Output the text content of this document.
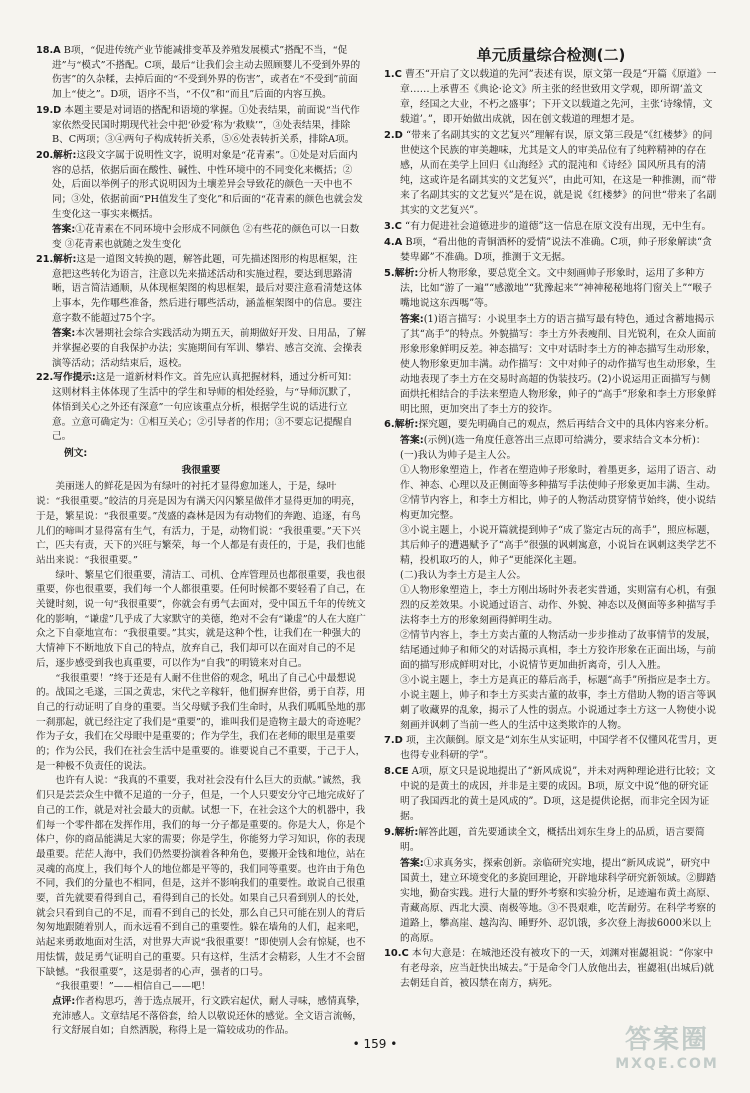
18.A B项，“促进传统产业节能减排变革及养殖发展模式”搭配不当，“促进”与“模式”不搭配。C项，最后“让我们会主动去照顾婴儿不受到外界的伤害”的久杂糅，去掉后面的“不受到外界的伤害”，或者在“不受到”前面加上“使之”。D项，语序不当，“不仅”和“而且”后面的内容互换。

19.D 本题主要是对词语的搭配和语境的掌握。①处表结果，前面说“当代作家依然受民国时期现代社会中把‘砂爱’称为‘救赎’”，③处表结果，排除B、C两项；③④两句子构成转折关系，⑤⑥处表转折关系，排除A项。

20.解析:这段文字属于说明性文字，说明对象是“花青素”。①处是对后面内容的总括，依据后面在酸性、碱性、中性环境中的不同变化来概括；②处，后面以举例子的形式说明因为土壤差异会导致花的颜色一天中也不同；③处，依据前面“PH值发生了变化”和后面的“花青素的颜色也就会发生变化这一事实来概括。

答案:①花青素在不同环境中会形成不同颜色 ②有些花的颜色可以一日数变 ③花青素也就随之发生变化

21.解析:这是一道图文转换的题，解答此题，可先描述图形的构思框架，注意把这些转化为语言，注意以先来描述活动和实施过程，要达到思路清晰，语言简洁通顺，从体现框架图的构思框架，最后对要注意看清楚这体上事本，先作哪些准备，然后进行哪些活动，涵盖框架图中的信息。要注意字数不能超过75个字。

答案:本次暑期社会综合实践活动为期五天，前期做好开发、日用品，了解并掌握必要的自我保护办法；实施期间有军训、攀岩、感言交流、会操表演等活动；活动结束后，返校。

22.写作提示:这是一道新材料作文。首先应认真把握材料，通过分析可知：这则材料主体体现了生活中的学生和导师的相处经验，与“导师沉默了，体悟到关心之外还有深意”一句应该重点分析，根据学生说的话进行立意。立意可确定为：①相互关心；②引导者的作用；③不要忘记提醒自己。

例文:

我很重要

美丽迷人的鲜花是因为有绿叶的衬托才显得愈加迷人，于是，绿叶说：“我很重要。”皎洁的月亮是因为有满天闪闪繁星做伴才显得更加的明亮，于是，繁星说：“我很重要。”茂盛的森林是因为有动物们的奔跑、追逐，有鸟儿们的啼叫才显得富有生气，有活力，于是，动物们说：“我很重要。”天下兴亡，匹夫有责，天下的兴旺与繁荣，每一个人都是有责任的，于是，我们也能站出来说：“我很重要。”

绿叶、繁星它们很重要，清洁工、司机、仓库管理员也都很重要，我也很重要，你也很重要，我们每一个人都很重要。任何时候都不要轻看了自己，在关键时刻，说一句“我很重要”，你就会有勇气去面对，受中国五千年的传统文化的影响，“谦虚”几乎成了大家默守的美德，绝对不会有“谦虚”的人在大庭广众之下自豪地宣布：“我很重要。”其实，就是这种个性，让我们在一种强大的大情神下不断地放下自己的特点，放弃自己，我们却可以在面对自己的不足后，逐步感受到我也真重要，可以作为“自我”的明镜来对自己。

“我很重要！”终于还是有人耐不住世俗的观念，吼出了自己心中最想说的。战国之毛遂，三国之黄忠，宋代之辛稼轩，他们摒弃世俗，勇于自荐，用自己的行动证明了自身的重要。当父母赋予我们生命时，从我们呱呱坠地的那一刹那起，就已经注定了我们是“重要”的，谁叫我们是造物主最大的奇迹呢？作为子女，我们在父母眼中是重要的；作为学生，我们在老师的眼里是重要的；作为公民，我们在社会生活中是重要的。谁要说自己不重要，于己于人，是一种极不负责任的说法。

也许有人说：“我真的不重要，我对社会没有什么巨大的贡献。”诚然，我们只是芸芸众生中微不足道的一分子，但是，一个人只要安分守己地完成好了自己的工作，就是对社会最大的贡献。试想一下，在社会这个大的机器中，我们每一个零件都在发挥作用，我们的每一分子都是重要的。你是大人，你是个体户，你的商品能满足大家的需要；你是学生，你能努力学习知识，你的表现最重要。茫茫人海中，我们仍然要扮演着各种角色，要搬开金钱和地位，站在灵魂的高度上，我们每个人的地位都是平等的，我们同等重要。也许由于角色不同，我们的分量也不相同，但是，这并不影响我们的重要性。敢说自己很重要，首先就要看得到自己，看得到自己的长处。如果自己只看到别人的长处，就会只看到自己的不足，而看不到自己的长处，那么自己只可能在别人的背后匆匆地跟随着别人，而永远看不到自己的重要性。躲在墙角的人们，起来吧，站起来勇敢地面对生活，对世界大声说“我很重要！”即使别人会有惊疑，也不用怯懦，鼓足勇气证明自己的重要。只有这样，生活才会精彩，人生才不会留下缺憾。“我很重要”，这是弱者的心声，强者的口号。

“我很重要！”——相信自己——吧！

点评:作者构思巧，善于选点展开，行文跌宕起伏，耐人寻味，感情真挚，充沛感人。文章结尾不落俗套，给人以敬说还休的感觉。全文语言流畅，行文舒展自如；自然洒脱，称得上是一篇较成功的作品。

单元质量综合检测(二)

1.C 曹丕“开启了文以载道的先河”表述有误，原文第一段是“开篇《原道》一章……上承曹丕《典论·论文》所主张的经世致用文学观，即所谓‘盖文章，经国之大业，不朽之盛事’；下开文以载道之先河，主张‘诗缘情，文载道’。”，即开始做出成就，因在创文载道的理想才是。

2.D “带来了名副其实的文艺复兴”理解有误，原文第三段是“《红楼梦》的问世使这个民族的审美趣味，尤其是文人的审美品位有了纯粹精神的存在感，从而在美学上回归《山海经》式的混沌和《诗经》国风所具有的清纯，这或许是名副其实的文艺复兴”，由此可知，在这是一种推测，而“带来了名副其实的文艺复兴”是在说，就是说《红楼梦》的问世“带来了名副其实的文艺复兴”。

3.C “有力促进社会道德进步的道德”这一信息在原文没有出现，无中生有。

4.A B项，“看出他的青铜酒杯的爱情”说法不准确。C项，帅子形象解读“贪婪卑鄙”不准确。D项，推测于文无据。

5.解析:分析人物形象，要总览全文。文中刻画帅子形象时，运用了多种方法，比如“游了一遍”“感激地”“犹豫起来”“神神秘秘地将门窗关上”“喉子嘴地说这东西嗎”等。

答案:(1)语言描写：小说里李土方的语言描写最有特色，通过含蓄地揭示了其“高手”的特点。外貌描写：李土方外表瘦削、目光锐利，在众人面前形象形象鲜明反差。神态描写：文中对话时李土方的神态描写生动形象，使人物形象更加丰满。动作描写：文中对帅子的动作描写也生动形象，生动地表现了李土方在交易时高超的伪装技巧。(2)小说运用正面描写与侧面烘托相结合的手法来塑造人物形象，帅子的“高手”形象和李土方形象鲜明比照，更加突出了李土方的狡诈。

6.解析:探究题，要先明确自己的观点，然后再结合文中的具体内容来分析。

答案:(示例)(选一角度任意答出三点即可给满分，要求结合文本分析)：

(一)我认为帅子是主人公。

①人物形象塑造上，作者在塑造帅子形象时，着墨更多，运用了语言、动作、神态、心理以及正侧面等多种描写手法使帅子形象更加丰满、生动。

②情节内容上，和李土方相比，帅子的人物活动贯穿情节始终，使小说结构更加完整。

③小说主题上，小说开篇就提到帅子“成了鉴定古玩的高手”，照应标题，其后帅子的遭遇赋予了“高手”很强的讽刺寓意，小说旨在讽刺这类学艺不精，投机取巧的人，帅子“更能深化主题。

(二)我认为李土方是主人公。

①人物形象塑造上，李土方刚出场时外表老实普通，实则富有心机，有强烈的反差效果。小说通过语言、动作、外貌、神态以及侧面等多种描写手法将李土方的形象刻画得鲜明生动。

②情节内容上，李土方卖古董的人物活动一步步推动了故事情节的发展，结尾通过帅子和师父的对话揭示真相，李土方狡诈形象在正面出场，与前面的描写形成鲜明对比，小说情节更加曲折离奇，引人入胜。

③小说主题上，李土方是真正的幕后高手，标题“高手”所指应是李土方。小说主题上，帅子和李土方买卖古董的故事，李土方借助人物的语言等讽刺了收藏界的乱象，揭示了人性的弱点。小说通过李土方这一人物使小说刻画并讽刺了当前一些人的生活中这类欺诈的人物。

7.D 项，主次颠倒。原文是“刘东生从实证明，中国学者不仅懂风花雪月，更也得专业科研的学”。

8.CE A项，原文只是说地提出了“新风成说”，并未对两种理论进行比较；文中说的是黄土的成因，并非是主要的成因。B项，原文中说“他的研究证明了我国西北的黄土是风成的”。D项，这是提供论据，而非完全因为证据。

9.解析:解答此题，首先要通读全文，概括出刘东生身上的品质，语言要简明。

答案:①求真务实，探索创新。亲临研究实地，提出“新风成说”，研究中国黄土，建立环境变化的多旋回理论，开辟地球科学研究新领域。②脚踏实地，勤奋实践。进行大量的野外考察和实验分析，足迹遍布黄土高原、青藏高原、西北大漠、南极等地。③不畏艰难，吃苦耐劳。在科学考察的道路上，攀高崖、越沟沟、睡野外、忍饥饿，多次登上海拔6000米以上的高原。

10.C 本句大意是：在城池还没有被攻下的一天，刘渊对崔勰祖说：“你家中有老母亲，应当赶快出城去。”于是命令门人放他出去，崔勰祖(出城后)就去朝廷自首，被囚禁在南方，病死。

• 159 •	答案圈
MXQE.COM
